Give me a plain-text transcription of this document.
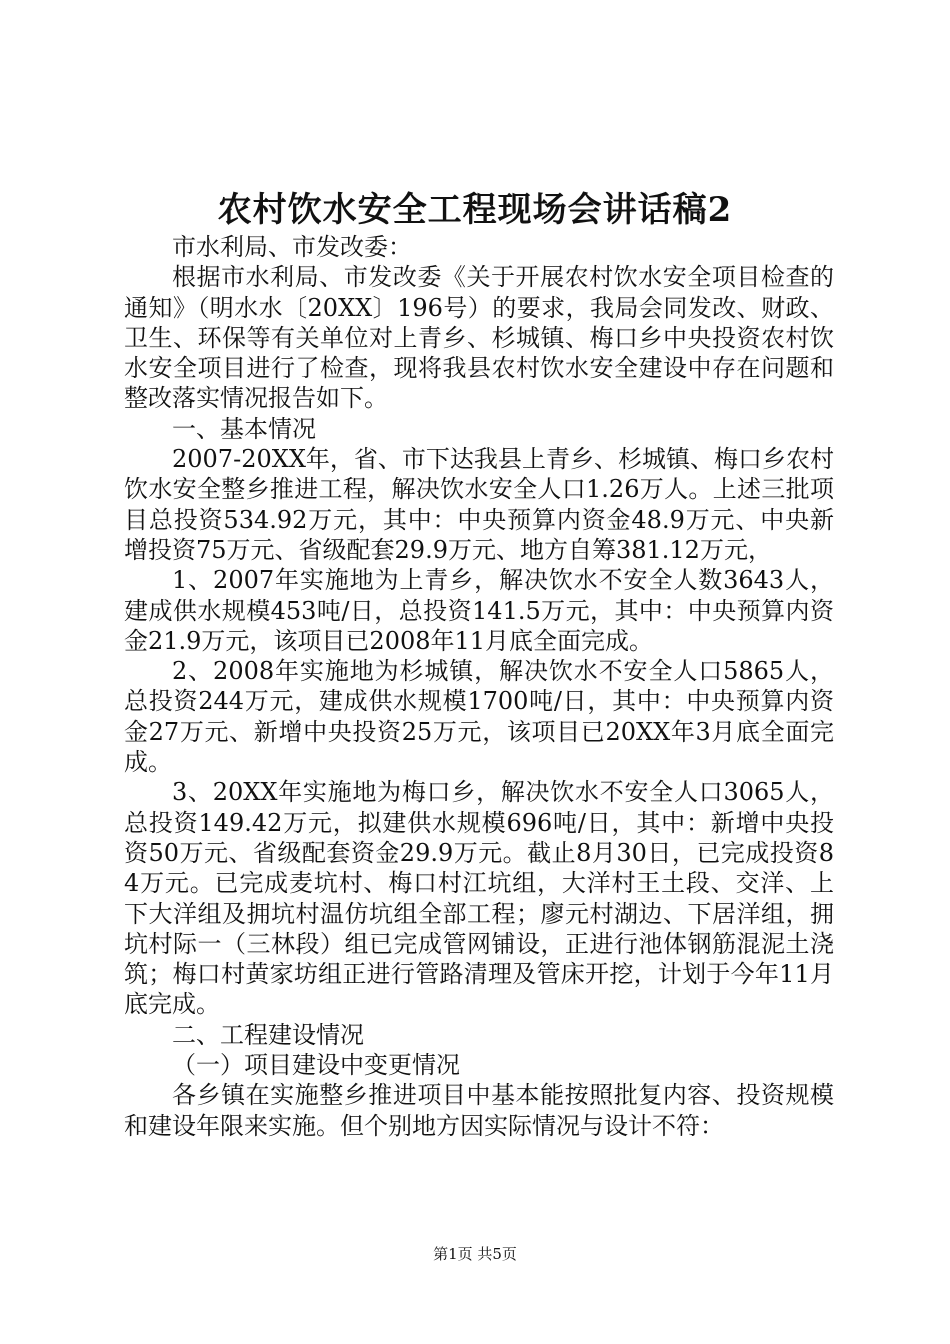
农村饮水安全工程现场会讲话稿2

市水利局、市发改委：

根据市水利局、市发改委《关于开展农村饮水安全项目检查的通知》（明水水〔20XX〕196号）的要求，我局会同发改、财政、卫生、环保等有关单位对上青乡、杉城镇、梅口乡中央投资农村饮水安全项目进行了检查，现将我县农村饮水安全建设中存在问题和整改落实情况报告如下。

一、基本情况

2007-20XX年，省、市下达我县上青乡、杉城镇、梅口乡农村饮水安全整乡推进工程，解决饮水安全人口1.26万人。上述三批项目总投资534.92万元，其中：中央预算内资金48.9万元、中央新增投资75万元、省级配套29.9万元、地方自筹381.12万元，

1、2007年实施地为上青乡，解决饮水不安全人数3643人，建成供水规模453吨/日，总投资141.5万元，其中：中央预算内资金21.9万元，该项目已2008年11月底全面完成。

2、2008年实施地为杉城镇，解决饮水不安全人口5865人，总投资244万元，建成供水规模1700吨/日，其中：中央预算内资金27万元、新增中央投资25万元，该项目已20XX年3月底全面完成。

3、20XX年实施地为梅口乡，解决饮水不安全人口3065人，总投资149.42万元，拟建供水规模696吨/日，其中：新增中央投资50万元、省级配套资金29.9万元。截止8月30日，已完成投资84万元。已完成麦坑村、梅口村江坑组，大洋村王土段、交洋、上下大洋组及拥坑村温仿坑组全部工程；廖元村湖边、下居洋组，拥坑村际一（三林段）组已完成管网铺设，正进行池体钢筋混泥土浇筑；梅口村黄家坊组正进行管路清理及管床开挖，计划于今年11月底完成。

二、工程建设情况

（一）项目建设中变更情况

各乡镇在实施整乡推进项目中基本能按照批复内容、投资规模和建设年限来实施。但个别地方因实际情况与设计不符：

第1页 共5页
